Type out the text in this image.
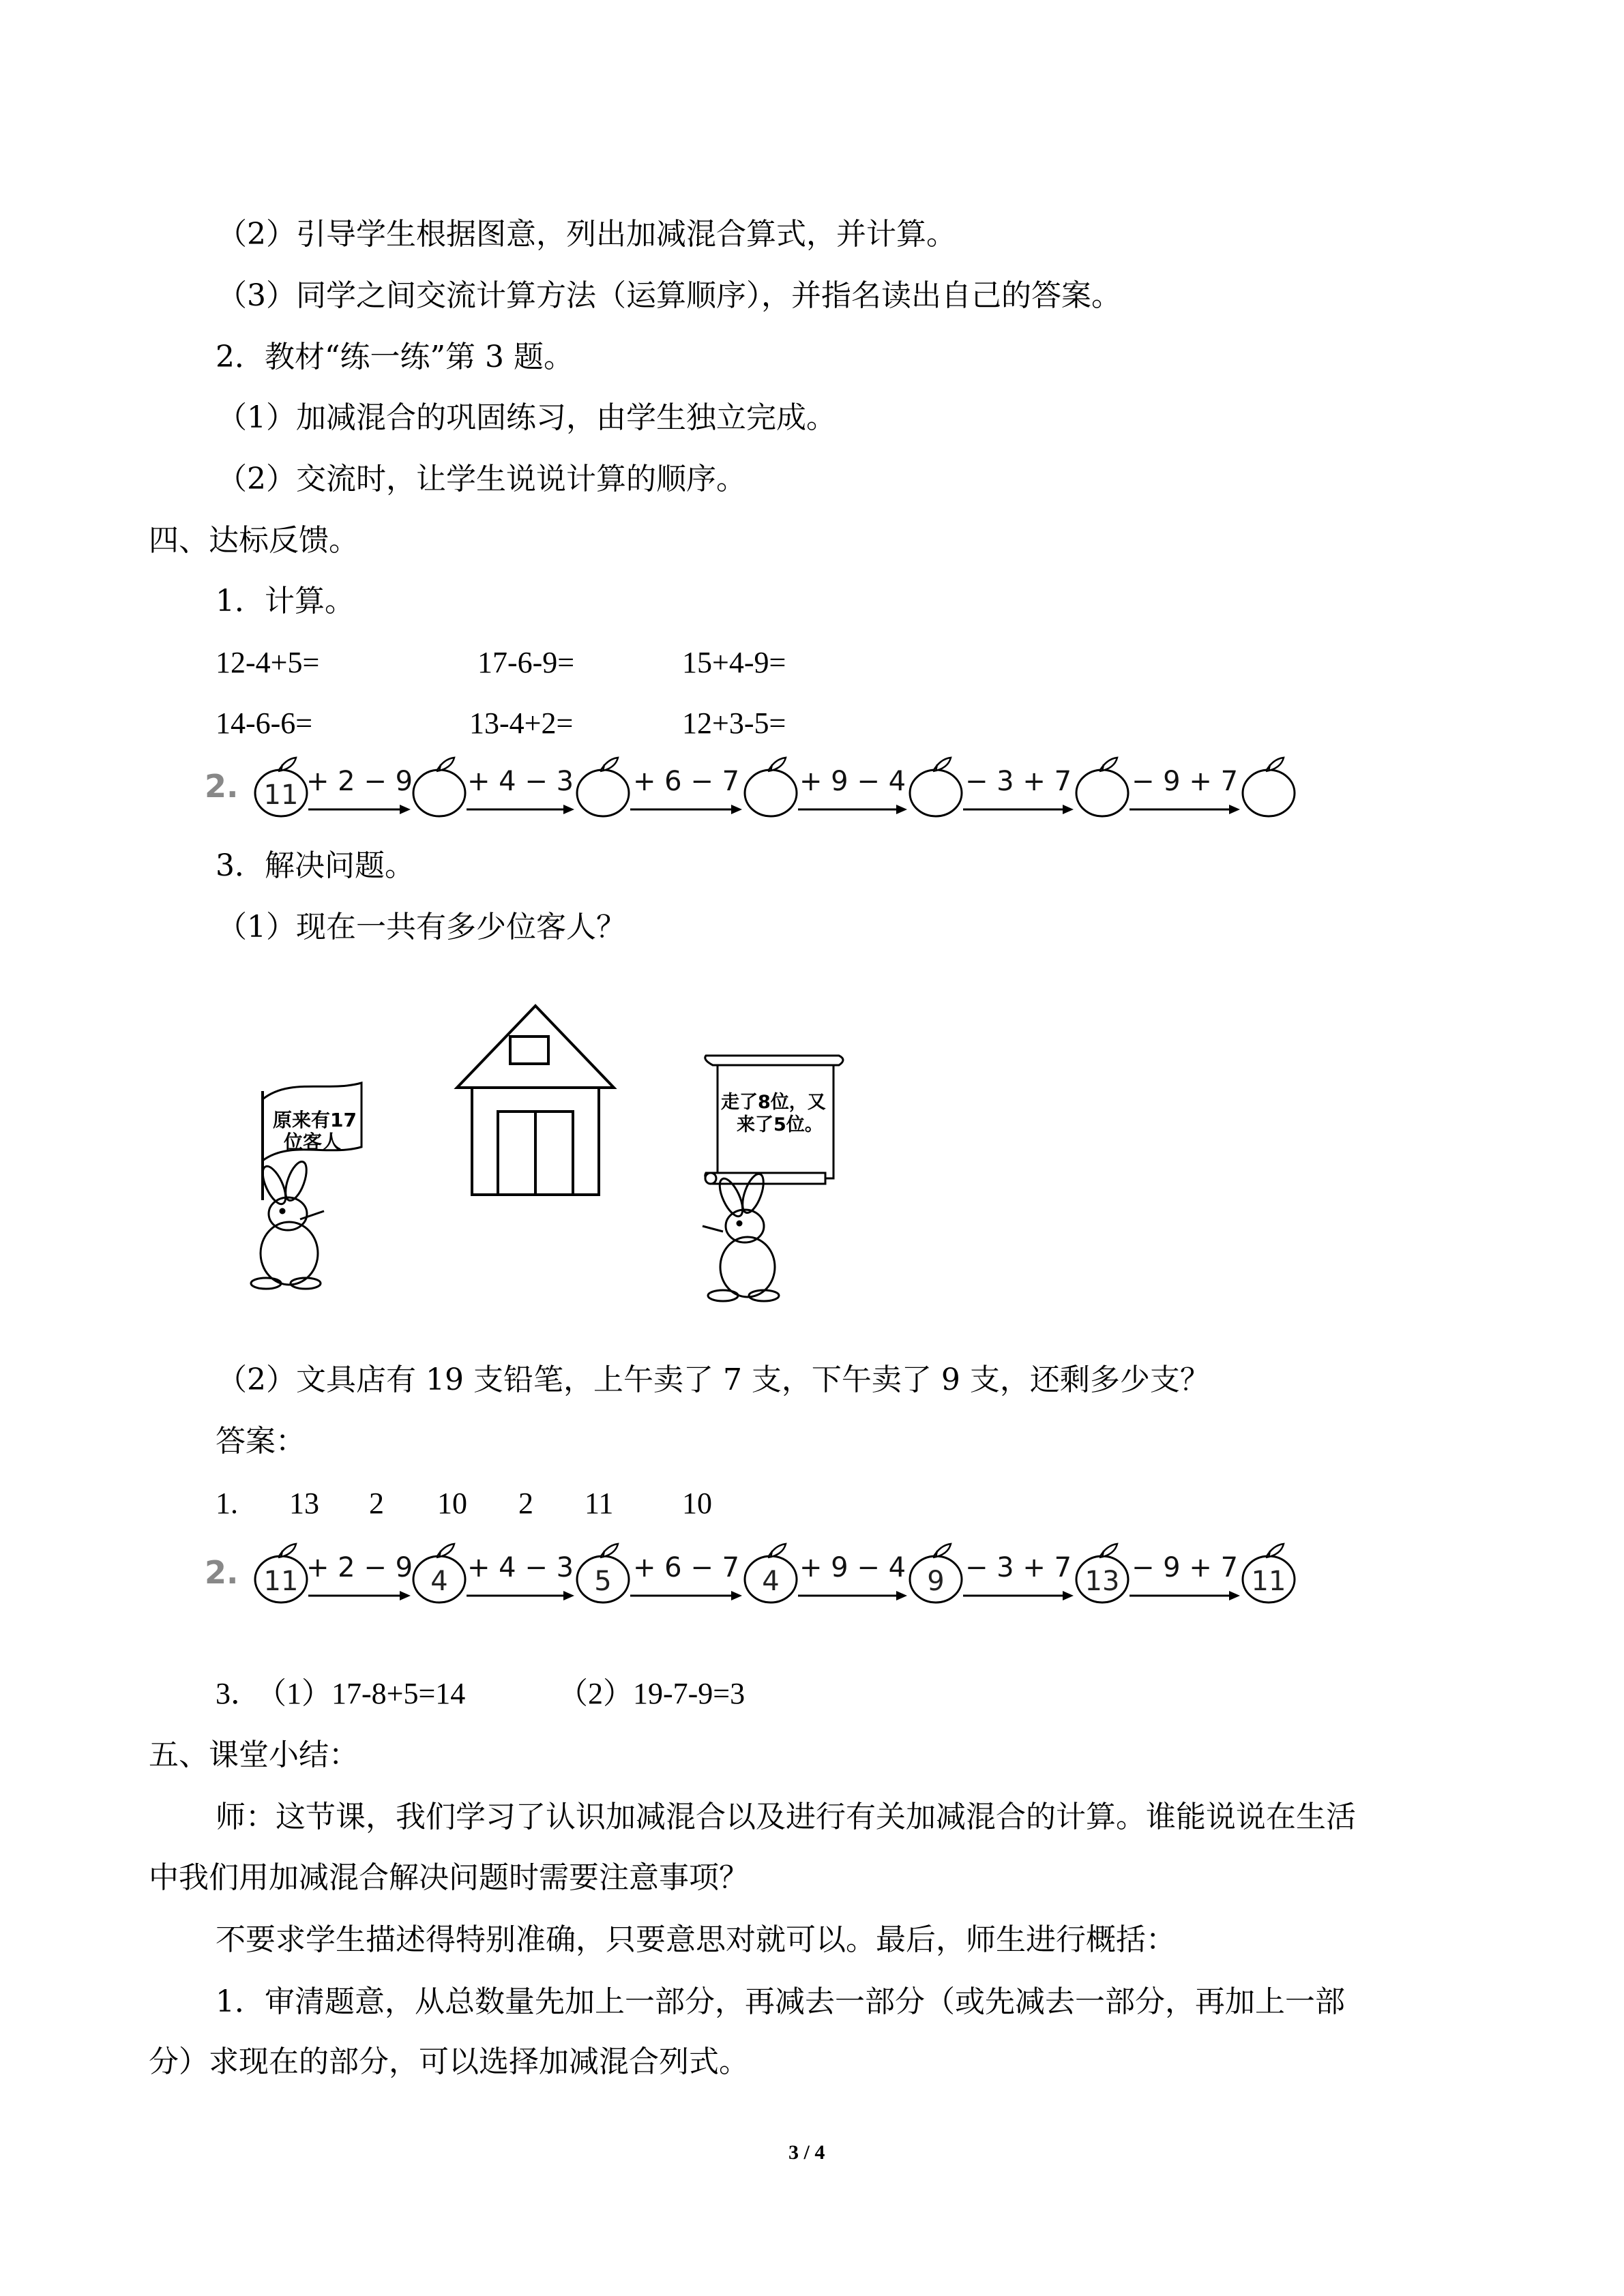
（2）引导学生根据图意，列出加减混合算式，并计算。
（3）同学之间交流计算方法（运算顺序），并指名读出自己的答案。
2．教材“练一练”第 3 题。
（1）加减混合的巩固练习，由学生独立完成。
（2）交流时，让学生说说计算的顺序。
四、达标反馈。
1．计算。
12-4+5=	17-6-9=	15+4-9=
14-6-6=	13-4+2=	12+3-5=
2. 11 + 2 − 9 + 4 − 3 + 6 − 7 + 9 − 4 − 3 + 7 − 9 + 7
3．解决问题。
（1）现在一共有多少位客人？
原来有17
位客人
走了8位，又
来了5位。
（2）文具店有 19 支铅笔，上午卖了 7 支，下午卖了 9 支，还剩多少支？
答案：
1. 13 2 10 2 11 10
2. 11 + 2 − 9 4 + 4 − 3 5 + 6 − 7 4 + 9 − 4 9 − 3 + 7 13 − 9 + 7 11
3．
（1）17-8+5=14	（2）19-7-9=3
五、课堂小结：
师：这节课，我们学习了认识加减混合以及进行有关加减混合的计算。谁能说说在生活
中我们用加减混合解决问题时需要注意事项？
不要求学生描述得特别准确，只要意思对就可以。最后，师生进行概括：
1．审清题意，从总数量先加上一部分，再减去一部分（或先减去一部分，再加上一部
分）求现在的部分，可以选择加减混合列式。
3 / 4
